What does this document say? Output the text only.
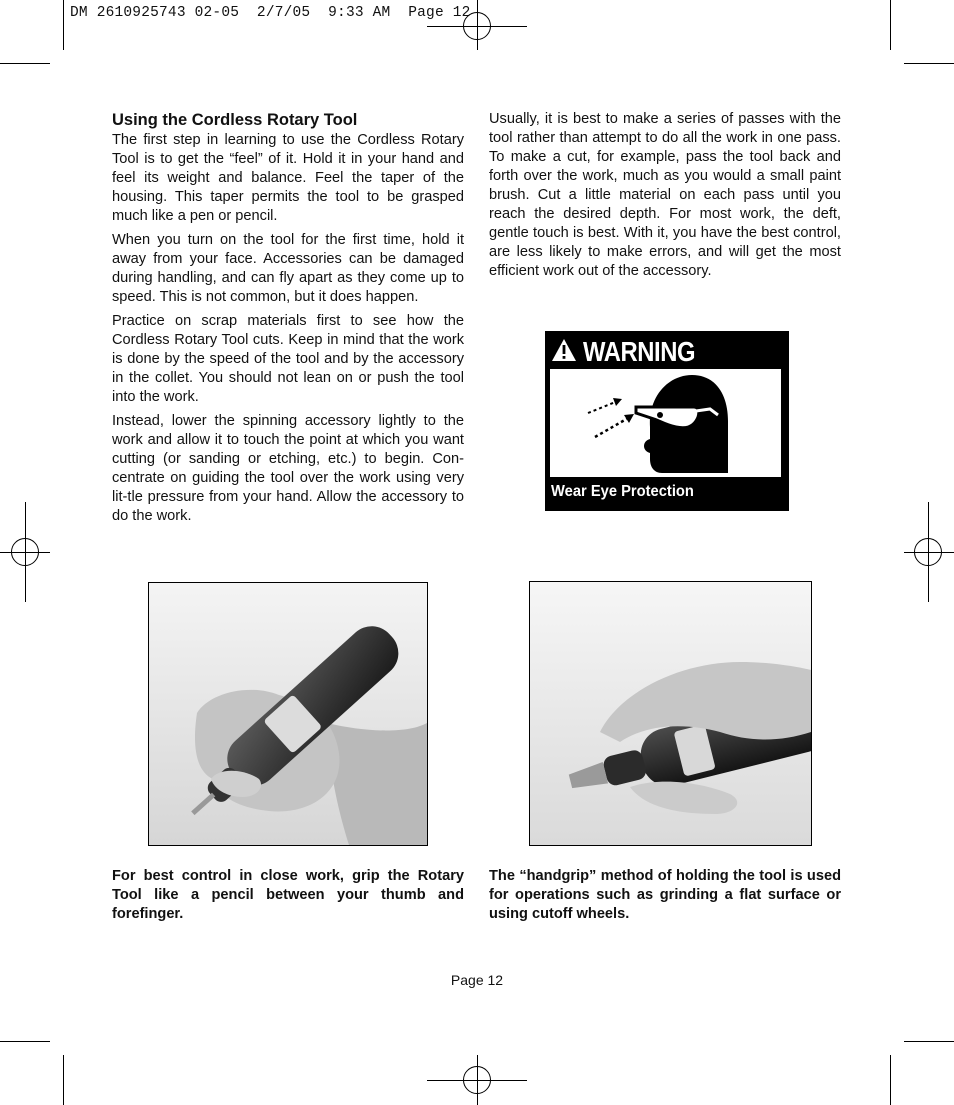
DM 2610925743 02-05  2/7/05  9:33 AM  Page 12
Using the Cordless Rotary Tool

The first step in learning to use the Cordless Rotary Tool is to get the “feel” of it. Hold it in your hand and feel its weight and balance. Feel the taper of the housing. This taper permits the tool to be grasped much like a pen or pencil.

When you turn on the tool for the first time, hold it away from your face. Accessories can be damaged during handling, and can fly apart as they come up to speed. This is not common, but it does happen.

Practice on scrap materials first to see how the Cordless Rotary Tool cuts. Keep in mind that the work is done by the speed of the tool and by the accessory in the collet. You should not lean on or push the tool into the work.

Instead, lower the spinning accessory lightly to the work and allow it to touch the point at which you want cutting (or sanding or etching, etc.) to begin. Con-centrate on guiding the tool over the work using very lit-tle pressure from your hand. Allow the accessory to do the work.

Usually, it is best to make a series of passes with the tool rather than attempt to do all the work in one pass. To make a cut, for example, pass the tool back and forth over the work, much as you would a small paint brush. Cut a little material on each pass until you reach the desired depth. For most work, the deft, gentle touch is best. With it, you have the best control, are less likely to make errors, and will get the most efficient work out of the accessory.

WARNING
Wear Eye Protection
For best control in close work, grip the Rotary Tool like a pencil between your thumb and forefinger.
The “handgrip” method of holding the tool is used for operations such as grinding a flat surface or using cutoff wheels.
Page 12
